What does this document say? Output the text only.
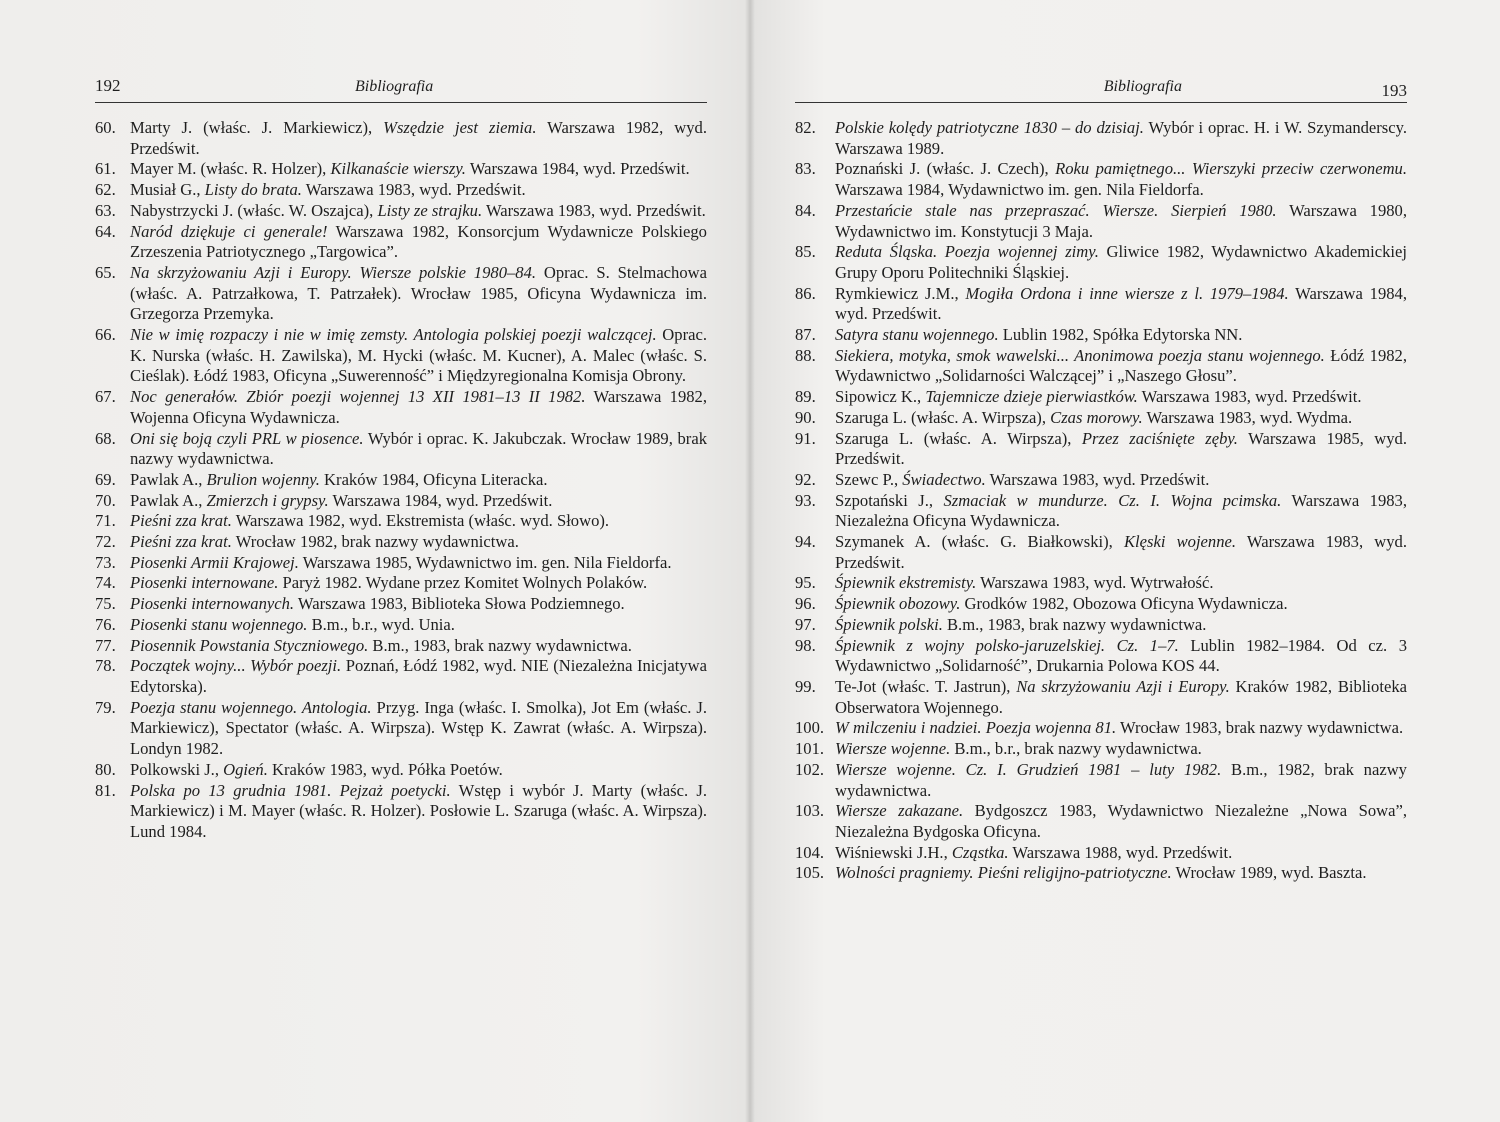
192	Bibliografia
60. Marty J. (właśc. J. Markiewicz), Wszędzie jest ziemia. Warszawa 1982, wyd. Przedświt.
61. Mayer M. (właśc. R. Holzer), Kilkanaście wierszy. Warszawa 1984, wyd. Przedświt.
62. Musiał G., Listy do brata. Warszawa 1983, wyd. Przedświt.
63. Nabystrzycki J. (właśc. W. Oszajca), Listy ze strajku. Warszawa 1983, wyd. Przedświt.
64. Naród dziękuje ci generale! Warszawa 1982, Konsorcjum Wydawnicze Polskiego Zrzeszenia Patriotycznego „Targowica”.
65. Na skrzyżowaniu Azji i Europy. Wiersze polskie 1980–84. Oprac. S. Stelmachowa (właśc. A. Patrzałkowa, T. Patrzałek). Wrocław 1985, Oficyna Wydawnicza im. Grzegorza Przemyka.
66. Nie w imię rozpaczy i nie w imię zemsty. Antologia polskiej poezji walczącej. Oprac. K. Nurska (właśc. H. Zawilska), M. Hycki (właśc. M. Kucner), A. Malec (właśc. S. Cieślak). Łódź 1983, Oficyna „Suwerenność” i Międzyregionalna Komisja Obrony.
67. Noc generałów. Zbiór poezji wojennej 13 XII 1981–13 II 1982. Warszawa 1982, Wojenna Oficyna Wydawnicza.
68. Oni się boją czyli PRL w piosence. Wybór i oprac. K. Jakubczak. Wrocław 1989, brak nazwy wydawnictwa.
69. Pawlak A., Brulion wojenny. Kraków 1984, Oficyna Literacka.
70. Pawlak A., Zmierzch i grypsy. Warszawa 1984, wyd. Przedświt.
71. Pieśni zza krat. Warszawa 1982, wyd. Ekstremista (właśc. wyd. Słowo).
72. Pieśni zza krat. Wrocław 1982, brak nazwy wydawnictwa.
73. Piosenki Armii Krajowej. Warszawa 1985, Wydawnictwo im. gen. Nila Fieldorfa.
74. Piosenki internowane. Paryż 1982. Wydane przez Komitet Wolnych Polaków.
75. Piosenki internowanych. Warszawa 1983, Biblioteka Słowa Podziemnego.
76. Piosenki stanu wojennego. B.m., b.r., wyd. Unia.
77. Piosennik Powstania Styczniowego. B.m., 1983, brak nazwy wydawnictwa.
78. Początek wojny... Wybór poezji. Poznań, Łódź 1982, wyd. NIE (Niezależna Inicjatywa Edytorska).
79. Poezja stanu wojennego. Antologia. Przyg. Inga (właśc. I. Smolka), Jot Em (właśc. J. Markiewicz), Spectator (właśc. A. Wirpsza). Wstęp K. Zawrat (właśc. A. Wirpsza). Londyn 1982.
80. Polkowski J., Ogień. Kraków 1983, wyd. Półka Poetów.
81. Polska po 13 grudnia 1981. Pejzaż poetycki. Wstęp i wybór J. Marty (właśc. J. Markiewicz) i M. Mayer (właśc. R. Holzer). Posłowie L. Szaruga (właśc. A. Wirpsza). Lund 1984.
Bibliografia	193
82. Polskie kolędy patriotyczne 1830 – do dzisiaj. Wybór i oprac. H. i W. Szymanderscy. Warszawa 1989.
83. Poznański J. (właśc. J. Czech), Roku pamiętnego... Wierszyki przeciw czerwonemu. Warszawa 1984, Wydawnictwo im. gen. Nila Fieldorfa.
84. Przestańcie stale nas przepraszać. Wiersze. Sierpień 1980. Warszawa 1980, Wydawnictwo im. Konstytucji 3 Maja.
85. Reduta Śląska. Poezja wojennej zimy. Gliwice 1982, Wydawnictwo Akademickiej Grupy Oporu Politechniki Śląskiej.
86. Rymkiewicz J.M., Mogiła Ordona i inne wiersze z l. 1979–1984. Warszawa 1984, wyd. Przedświt.
87. Satyra stanu wojennego. Lublin 1982, Spółka Edytorska NN.
88. Siekiera, motyka, smok wawelski... Anonimowa poezja stanu wojennego. Łódź 1982, Wydawnictwo „Solidarności Walczącej” i „Naszego Głosu”.
89. Sipowicz K., Tajemnicze dzieje pierwiastków. Warszawa 1983, wyd. Przedświt.
90. Szaruga L. (właśc. A. Wirpsza), Czas morowy. Warszawa 1983, wyd. Wydma.
91. Szaruga L. (właśc. A. Wirpsza), Przez zaciśnięte zęby. Warszawa 1985, wyd. Przedświt.
92. Szewc P., Świadectwo. Warszawa 1983, wyd. Przedświt.
93. Szpotański J., Szmaciak w mundurze. Cz. I. Wojna pcimska. Warszawa 1983, Niezależna Oficyna Wydawnicza.
94. Szymanek A. (właśc. G. Białkowski), Klęski wojenne. Warszawa 1983, wyd. Przedświt.
95. Śpiewnik ekstremisty. Warszawa 1983, wyd. Wytrwałość.
96. Śpiewnik obozowy. Grodków 1982, Obozowa Oficyna Wydawnicza.
97. Śpiewnik polski. B.m., 1983, brak nazwy wydawnictwa.
98. Śpiewnik z wojny polsko-jaruzelskiej. Cz. 1–7. Lublin 1982–1984. Od cz. 3 Wydawnictwo „Solidarność”, Drukarnia Polowa KOS 44.
99. Te-Jot (właśc. T. Jastrun), Na skrzyżowaniu Azji i Europy. Kraków 1982, Biblioteka Obserwatora Wojennego.
100. W milczeniu i nadziei. Poezja wojenna 81. Wrocław 1983, brak nazwy wydawnictwa.
101. Wiersze wojenne. B.m., b.r., brak nazwy wydawnictwa.
102. Wiersze wojenne. Cz. I. Grudzień 1981 – luty 1982. B.m., 1982, brak nazwy wydawnictwa.
103. Wiersze zakazane. Bydgoszcz 1983, Wydawnictwo Niezależne „Nowa Sowa”, Niezależna Bydgoska Oficyna.
104. Wiśniewski J.H., Cząstka. Warszawa 1988, wyd. Przedświt.
105. Wolności pragniemy. Pieśni religijno-patriotyczne. Wrocław 1989, wyd. Baszta.
